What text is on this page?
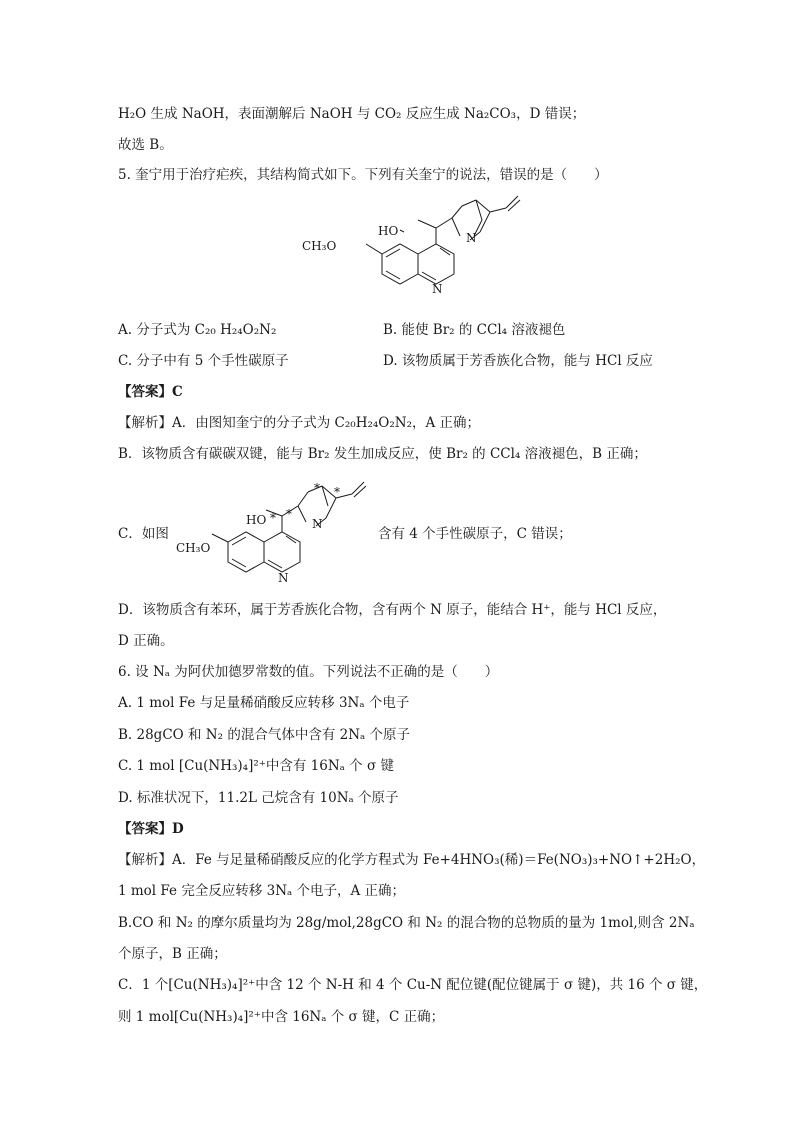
H₂O 生成 NaOH，表面潮解后 NaOH 与 CO₂ 反应生成 Na₂CO₃，D 错误；
故选 B。
5. 奎宁用于治疗疟疾，其结构简式如下。下列有关奎宁的说法，错误的是（　　）
N
HO
CH₃O
N
A. 分子式为 C₂₀ H₂₄O₂N₂	B. 能使 Br₂ 的 CCl₄ 溶液褪色
C. 分子中有 5 个手性碳原子	D. 该物质属于芳香族化合物，能与 HCl 反应
【答案】C
【解析】A．由图知奎宁的分子式为 C₂₀H₂₄O₂N₂，A 正确；
B．该物质含有碳碳双键，能与 Br₂ 发生加成反应，使 Br₂ 的 CCl₄ 溶液褪色，B 正确；
C．如图
N
HO
CH₃O
N
* *
* *
含有 4 个手性碳原子，C 错误；
D．该物质含有苯环，属于芳香族化合物，含有两个 N 原子，能结合 H⁺，能与 HCl 反应，
D 正确。
6. 设 Nₐ 为阿伏加德罗常数的值。下列说法不正确的是（　　）
A. 1 mol Fe 与足量稀硝酸反应转移 3Nₐ 个电子
B. 28gCO 和 N₂ 的混合气体中含有 2Nₐ 个原子
C. 1 mol [Cu(NH₃)₄]²⁺中含有 16Nₐ 个 σ 键
D. 标准状况下，11.2L 己烷含有 10Nₐ 个原子
【答案】D
【解析】A．Fe 与足量稀硝酸反应的化学方程式为 Fe+4HNO₃(稀)＝Fe(NO₃)₃+NO↑+2H₂O，
1 mol Fe 完全反应转移 3Nₐ 个电子，A 正确；
B.CO 和 N₂ 的摩尔质量均为 28g/mol,28gCO 和 N₂ 的混合物的总物质的量为 1mol,则含 2Nₐ
个原子，B 正确；
C．1 个[Cu(NH₃)₄]²⁺中含 12 个 N-H 和 4 个 Cu-N 配位键(配位键属于 σ 键)，共 16 个 σ 键，
则 1 mol[Cu(NH₃)₄]²⁺中含 16Nₐ 个 σ 键，C 正确；
